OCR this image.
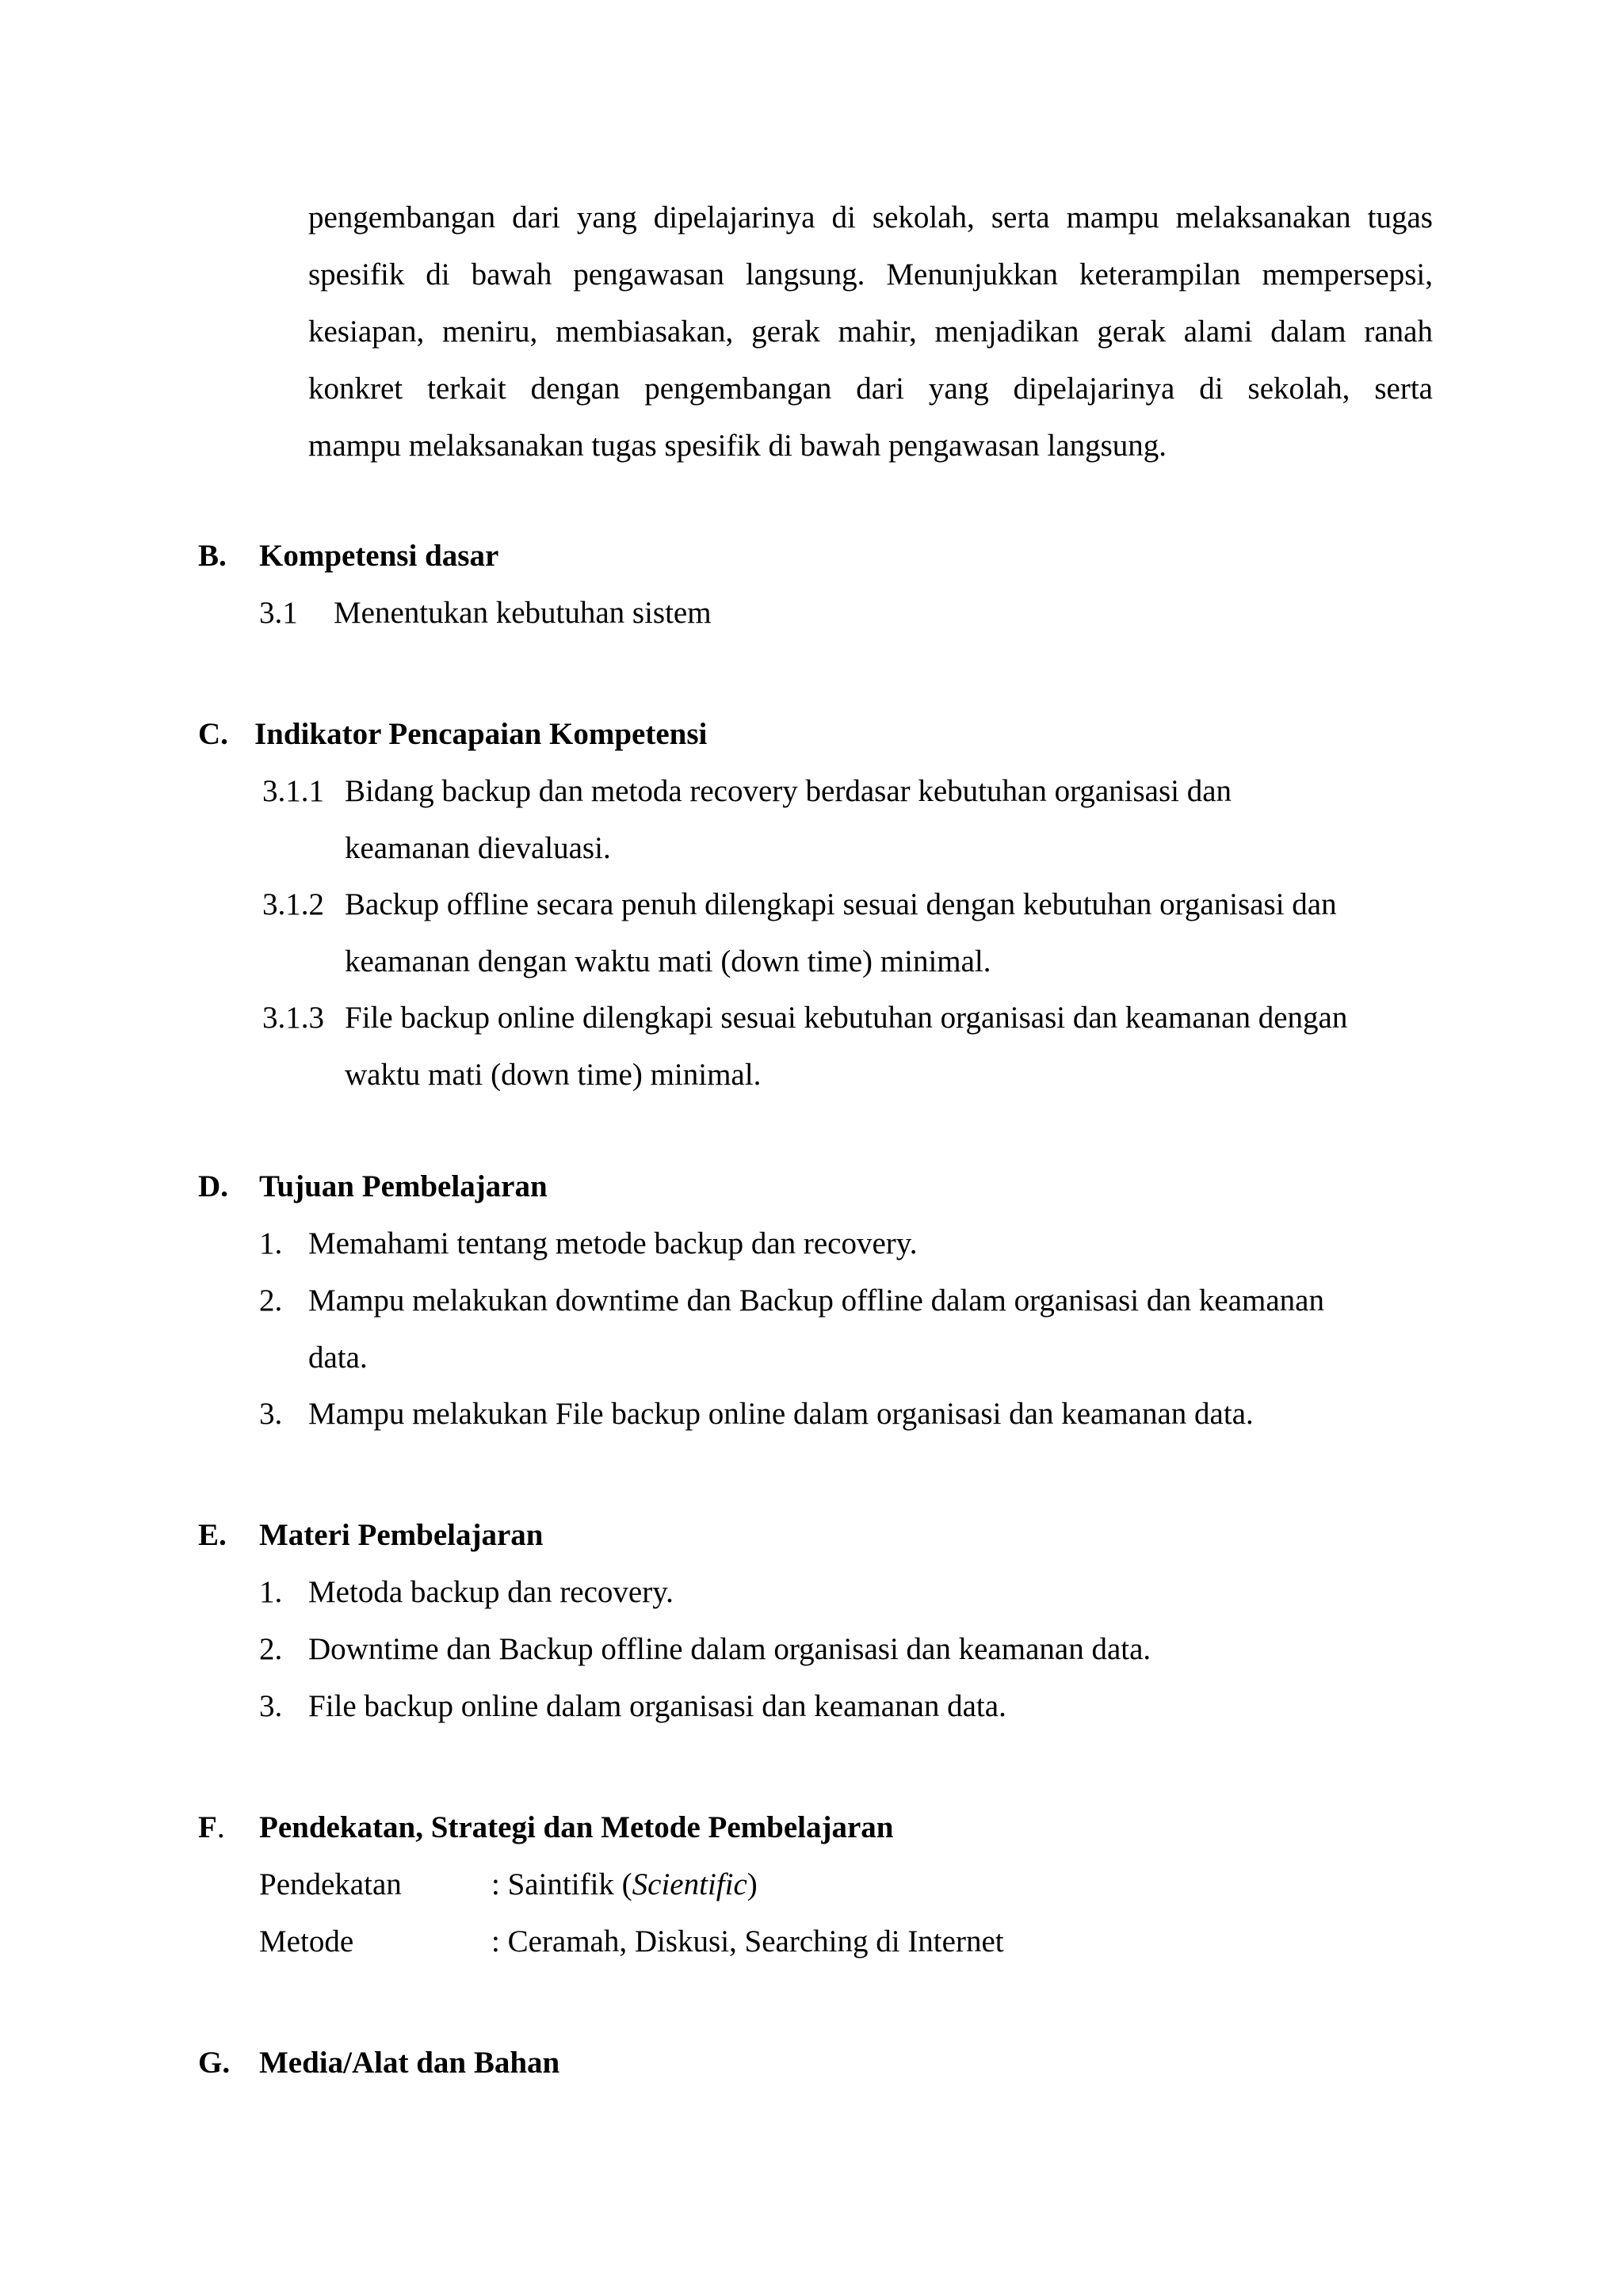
pengembangan dari yang dipelajarinya di sekolah, serta mampu melaksanakan tugas
spesifik di bawah pengawasan langsung. Menunjukkan keterampilan mempersepsi,
kesiapan, meniru, membiasakan, gerak mahir, menjadikan gerak alami dalam ranah
konkret terkait dengan pengembangan dari yang dipelajarinya di sekolah, serta
mampu melaksanakan tugas spesifik di bawah pengawasan langsung.
B. Kompetensi dasar
3.1 Menentukan kebutuhan sistem
C. Indikator Pencapaian Kompetensi
3.1.1 Bidang backup dan metoda recovery berdasar kebutuhan organisasi dan
keamanan dievaluasi.
3.1.2 Backup offline secara penuh dilengkapi sesuai dengan kebutuhan organisasi dan
keamanan dengan waktu mati (down time) minimal.
3.1.3 File backup online dilengkapi sesuai kebutuhan organisasi dan keamanan dengan
waktu mati (down time) minimal.
D. Tujuan Pembelajaran
1. Memahami tentang metode backup dan recovery.
2. Mampu melakukan downtime dan Backup offline dalam organisasi dan keamanan
data.
3. Mampu melakukan File backup online dalam organisasi dan keamanan data.
E. Materi Pembelajaran
1. Metoda backup dan recovery.
2. Downtime dan Backup offline dalam organisasi dan keamanan data.
3. File backup online dalam organisasi dan keamanan data.
F. Pendekatan, Strategi dan Metode Pembelajaran
Pendekatan	: Saintifik (Scientific)
Metode	: Ceramah, Diskusi, Searching di Internet
G. Media/Alat dan Bahan
